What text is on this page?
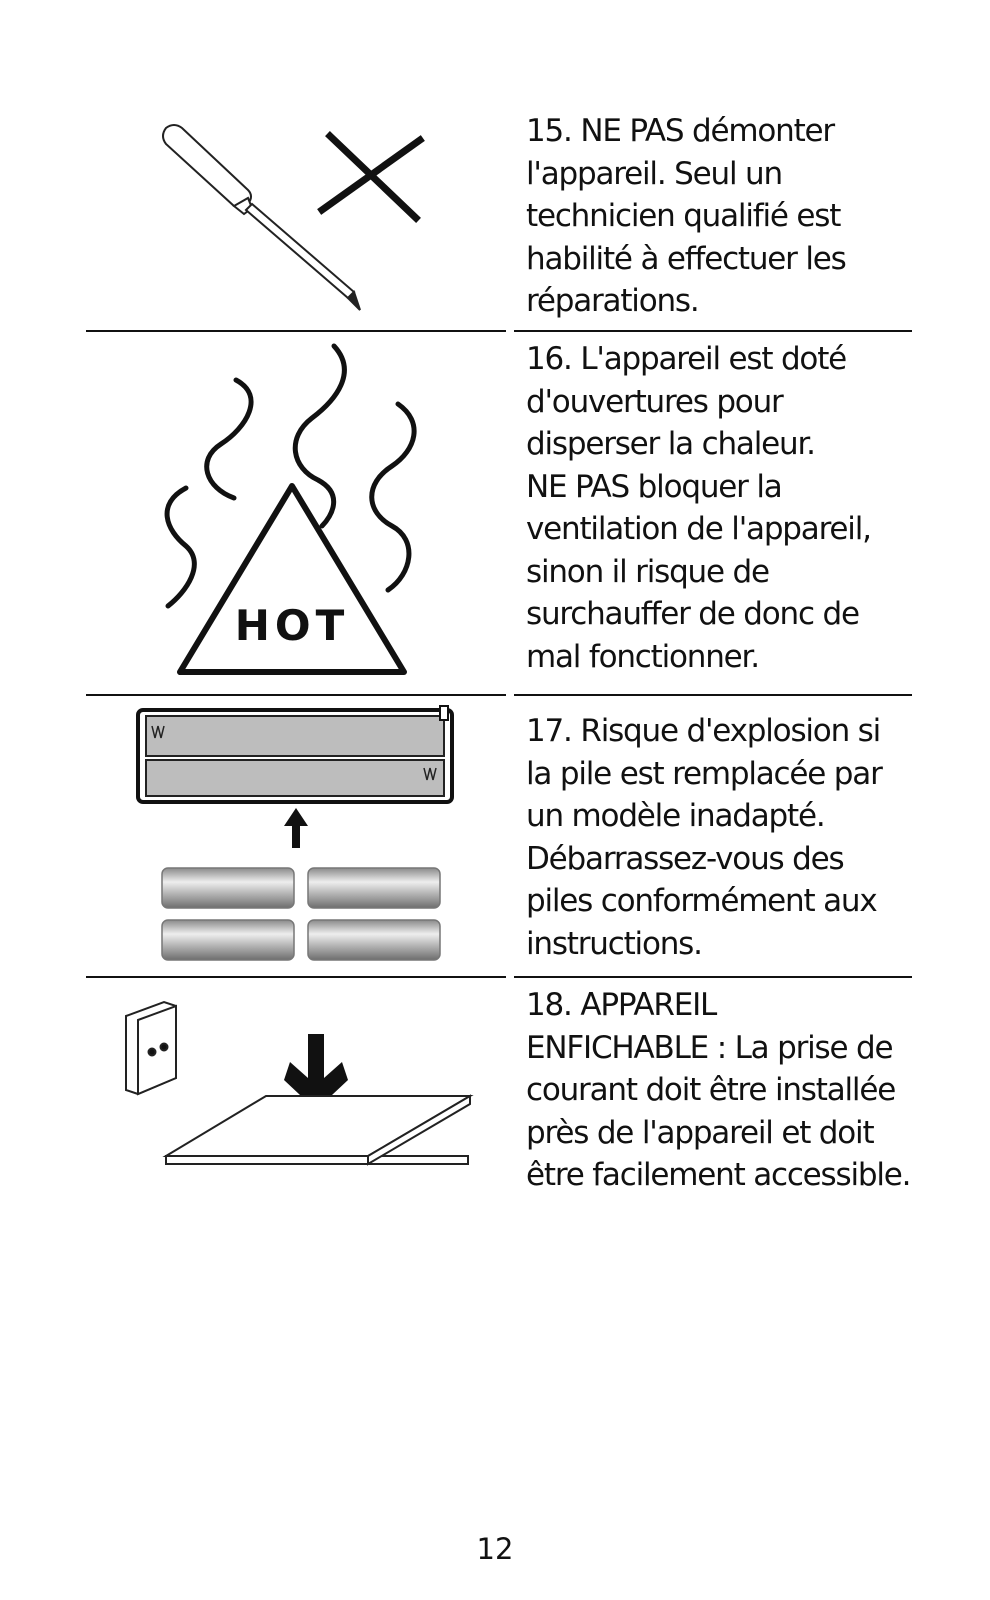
15. NE PAS démonter
l'appareil. Seul un
technicien qualifié est
habilité à effectuer les
réparations.
HOT
16. L'appareil est doté
d'ouvertures pour
disperser la chaleur.
NE PAS bloquer la
ventilation de l'appareil,
sinon il risque de
surchauffer de donc de
mal fonctionner.
17. Risque d'explosion si
la pile est remplacée par
un modèle inadapté.
Débarrassez-vous des
piles conformément aux
instructions.
18. APPAREIL
ENFICHABLE : La prise de
courant doit être installée
près de l'appareil et doit
être facilement accessible.
12
